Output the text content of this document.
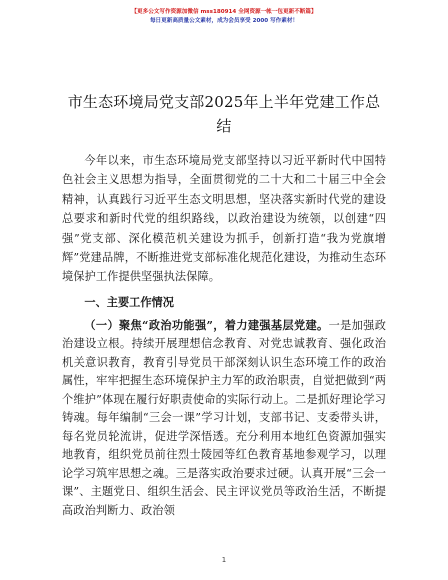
【更多公文写作资源加微信 mss180914 全网资源一帐一包更新不断篇】
每日更新高质量公文素材，成为会员享受 2000 写作素材！
市生态环境局党支部2025年上半年党建工作总结

今年以来，市生态环境局党支部坚持以习近平新时代中国特色社会主义思想为指导，全面贯彻党的二十大和二十届三中全会精神，认真践行习近平生态文明思想，坚决落实新时代党的建设总要求和新时代党的组织路线，以政治建设为统领，以创建“四强”党支部、深化模范机关建设为抓手，创新打造“我为党旗增辉”党建品牌，不断推进党支部标准化规范化建设，为推动生态环境保护工作提供坚强执法保障。

一、主要工作情况

（一）聚焦“政治功能强”，着力建强基层党建。一是加强政治建设立根。持续开展理想信念教育、对党忠诚教育、强化政治机关意识教育，教育引导党员干部深刻认识生态环境工作的政治属性，牢牢把握生态环境保护主力军的政治职责，自觉把做到“两个维护”体现在履行好职责使命的实际行动上。二是抓好理论学习铸魂。每年编制“三会一课”学习计划，支部书记、支委带头讲，每名党员轮流讲，促进学深悟透。充分利用本地红色资源加强实地教育，组织党员前往烈士陵园等红色教育基地参观学习，以理论学习筑牢思想之魂。三是落实政治要求过硬。认真开展“三会一课”、主题党日、组织生活会、民主评议党员等政治生活，不断提高政治判断力、政治领

1
